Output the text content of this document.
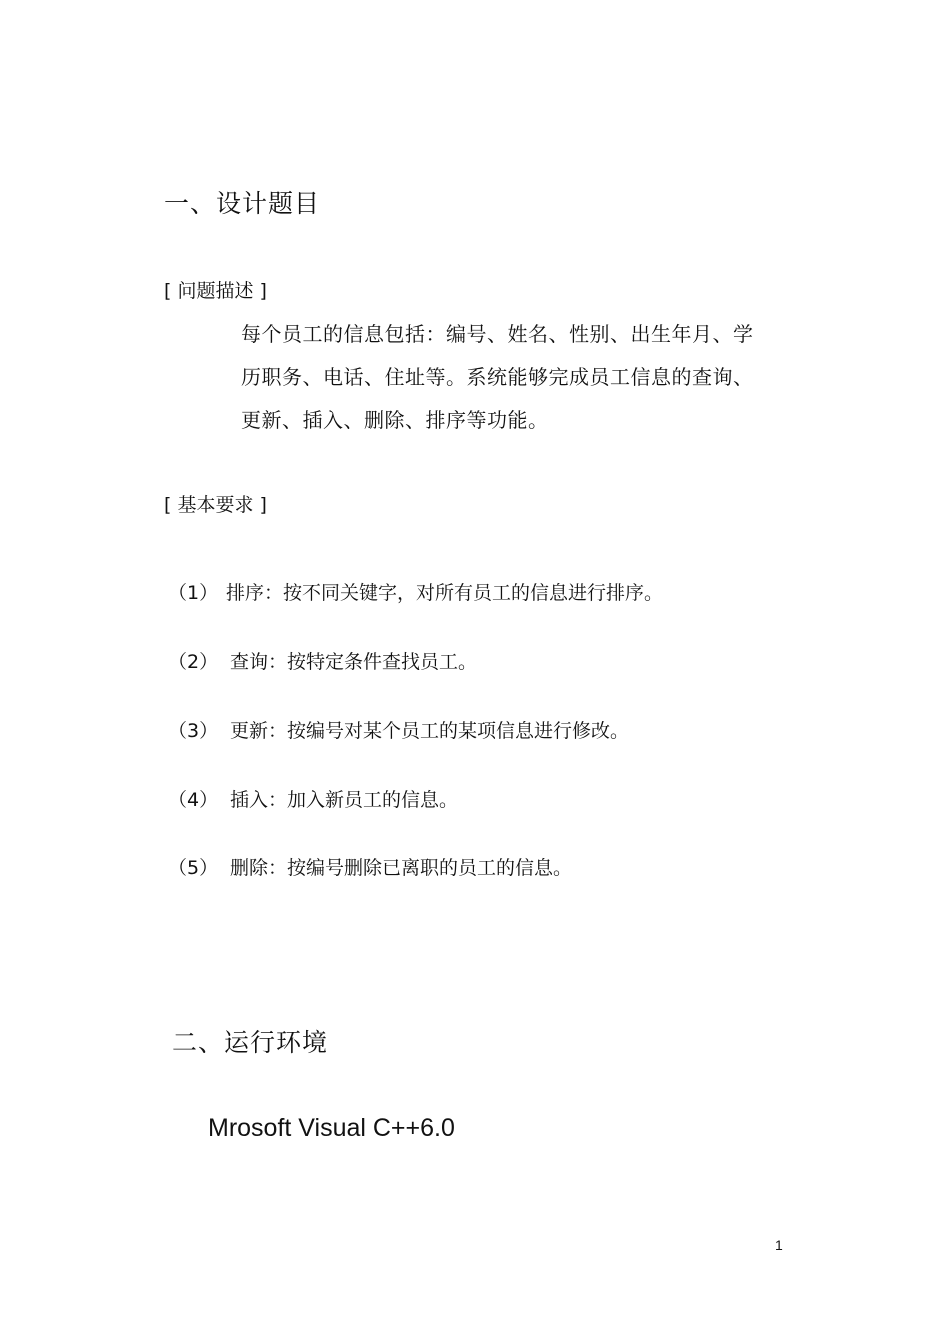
一、设计题目
[ 问题描述 ]
每个员工的信息包括：编号、姓名、性别、出生年月、学
历职务、电话、住址等。系统能够完成员工信息的查询、
更新、插入、删除、排序等功能。
[ 基本要求 ]
（1） 排序：按不同关键字，对所有员工的信息进行排序。
（2） 查询：按特定条件查找员工。
（3） 更新：按编号对某个员工的某项信息进行修改。
（4） 插入：加入新员工的信息。
（5） 删除：按编号删除已离职的员工的信息。
二、运行环境
Mrosoft Visual C++6.0
1
